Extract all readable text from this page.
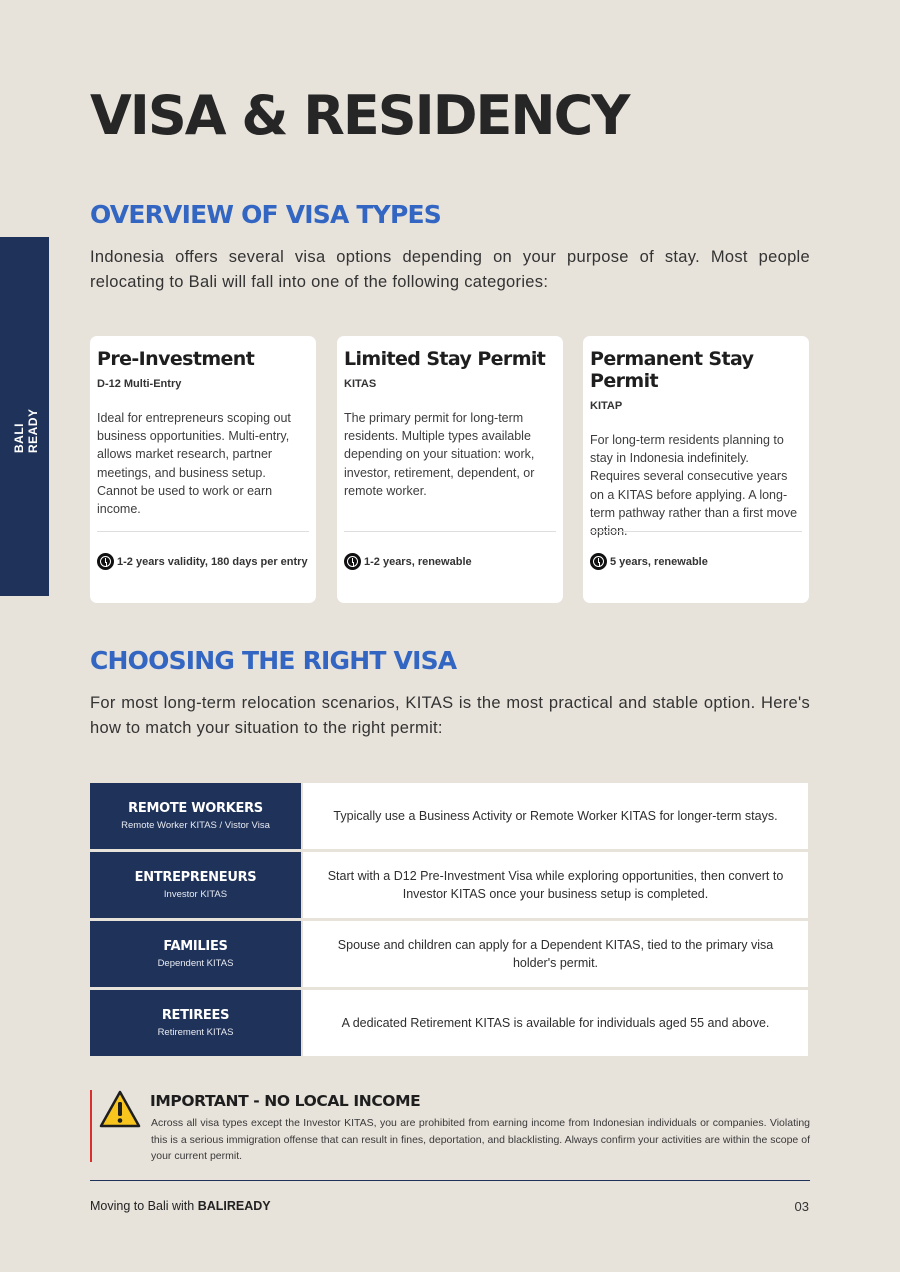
BALI READY
VISA & RESIDENCY
OVERVIEW OF VISA TYPES

Indonesia offers several visa options depending on your purpose of stay. Most people relocating to Bali will fall into one of the following categories:

Pre-Investment
D-12 Multi-Entry
Ideal for entrepreneurs scoping out business opportunities. Multi-entry, allows market research, partner meetings, and business setup. Cannot be used to work or earn income.
1-2 years validity, 180 days per entry
Limited Stay Permit
KITAS
The primary permit for long-term residents. Multiple types available depending on your situation: work, investor, retirement, dependent, or remote worker.
1-2 years, renewable
Permanent Stay Permit
KITAP
For long-term residents planning to stay in Indonesia indefinitely. Requires several consecutive years on a KITAS before applying. A long-term pathway rather than a first move option.
5 years, renewable
CHOOSING THE RIGHT VISA

For most long-term relocation scenarios, KITAS is the most practical and stable option. Here's how to match your situation to the right permit:

REMOTE WORKERS
Remote Worker KITAS / Vistor Visa
Typically use a Business Activity or Remote Worker KITAS for longer-term stays.
ENTREPRENEURS
Investor KITAS
Start with a D12 Pre-Investment Visa while exploring opportunities, then convert to Investor KITAS once your business setup is completed.
FAMILIES
Dependent KITAS
Spouse and children can apply for a Dependent KITAS, tied to the primary visa holder's permit.
RETIREES
Retirement KITAS
A dedicated Retirement KITAS is available for individuals aged 55 and above.
IMPORTANT - NO LOCAL INCOME

Across all visa types except the Investor KITAS, you are prohibited from earning income from Indonesian individuals or companies. Violating this is a serious immigration offense that can result in fines, deportation, and blacklisting. Always confirm your activities are within the scope of your current permit.

Moving to Bali with BALIREADY	03
